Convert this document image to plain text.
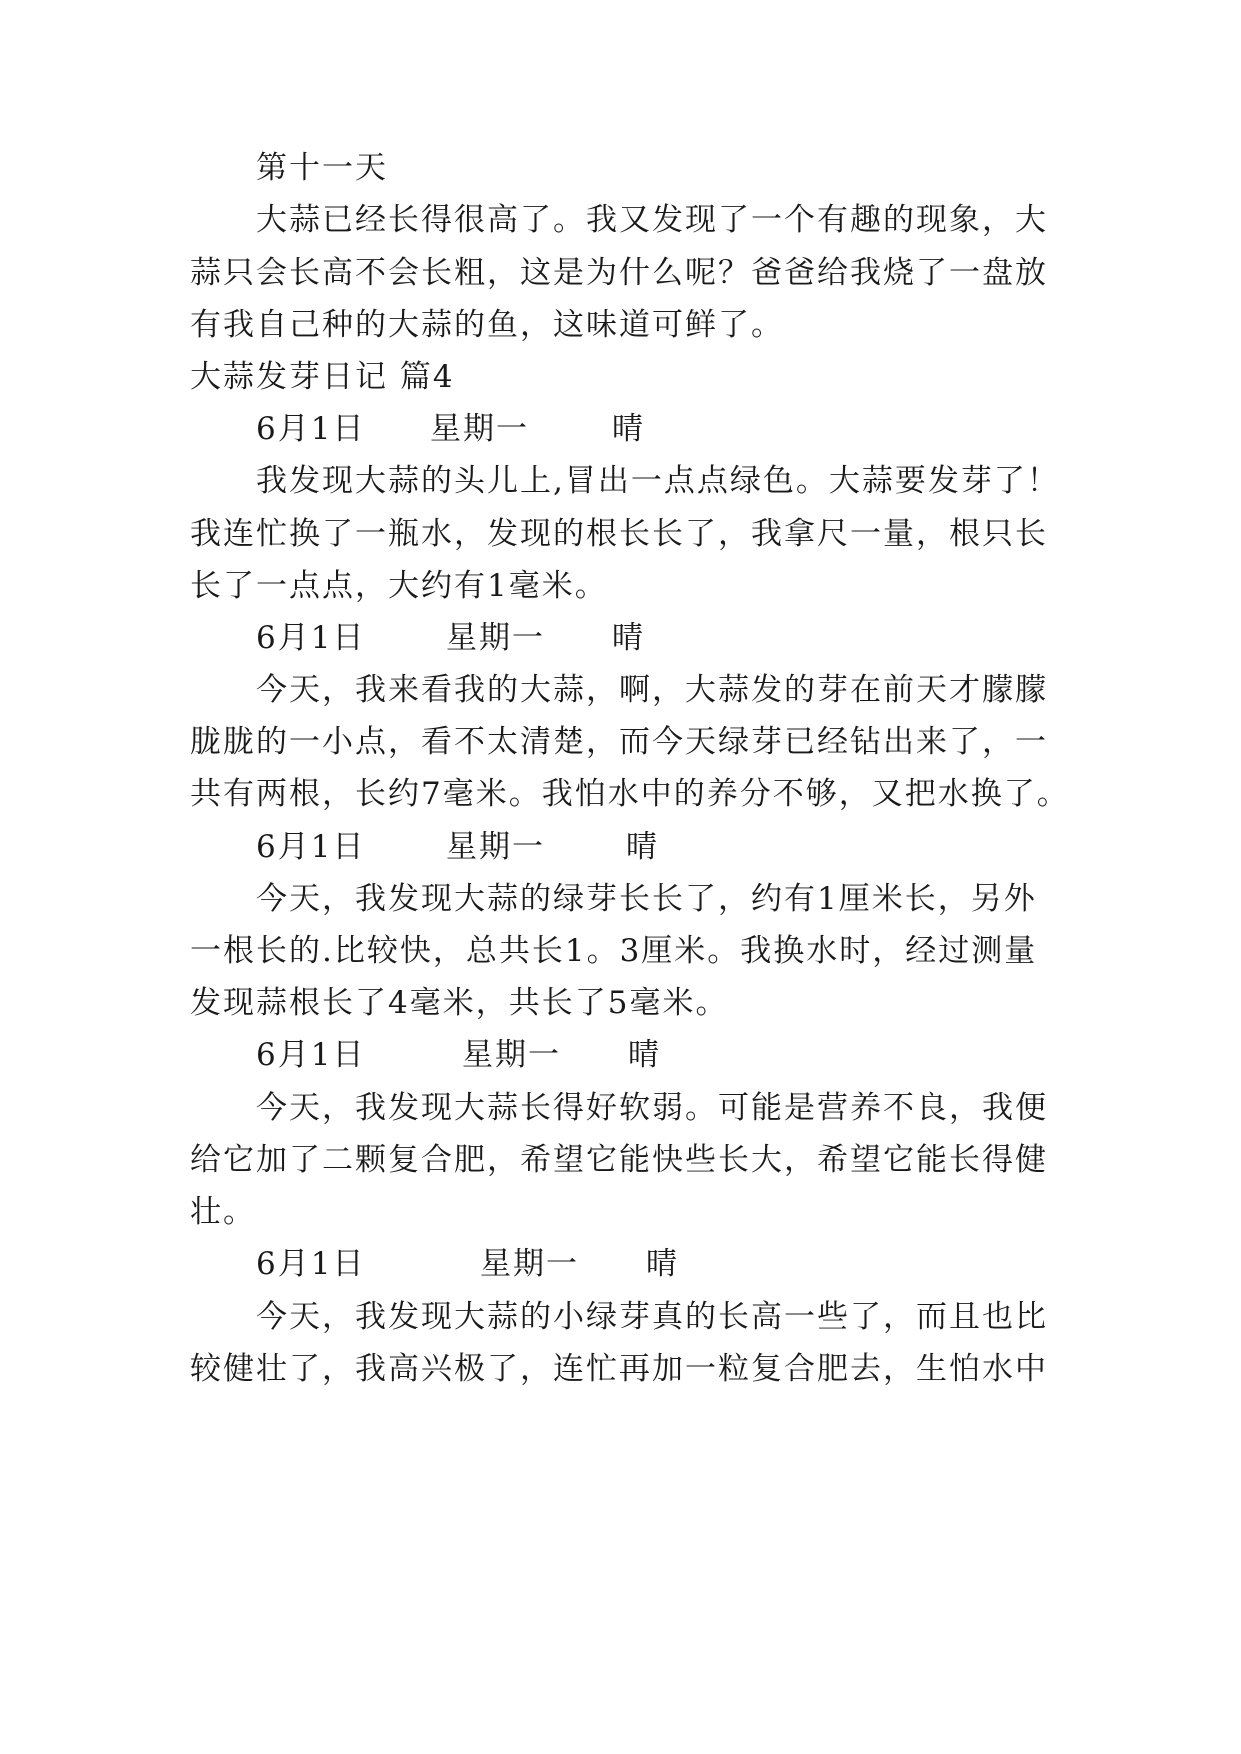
第十一天
大蒜已经长得很高了。我又发现了一个有趣的现象，大
蒜只会长高不会长粗，这是为什么呢？爸爸给我烧了一盘放
有我自己种的大蒜的鱼，这味道可鲜了。
大蒜发芽日记 篇4
6月1日 星期一	晴
我发现大蒜的头儿上,冒出一点点绿色。大蒜要发芽了！
我连忙换了一瓶水，发现的根长长了，我拿尺一量，根只长
长了一点点，大约有1毫米。
6月1日	星期一 晴
今天，我来看我的大蒜，啊，大蒜发的芽在前天才朦朦
胧胧的一小点，看不太清楚，而今天绿芽已经钻出来了，一
共有两根，长约7毫米。我怕水中的养分不够，又把水换了。
6月1日	星期一	晴
今天，我发现大蒜的绿芽长长了，约有1厘米长，另外
一根长的.比较快，总共长1。3厘米。我换水时，经过测量
发现蒜根长了4毫米，共长了5毫米。
6月1日	星期一 晴
今天，我发现大蒜长得好软弱。可能是营养不良，我便
给它加了二颗复合肥，希望它能快些长大，希望它能长得健
壮。
6月1日	星期一 晴
今天，我发现大蒜的小绿芽真的长高一些了，而且也比
较健壮了，我高兴极了，连忙再加一粒复合肥去，生怕水中
